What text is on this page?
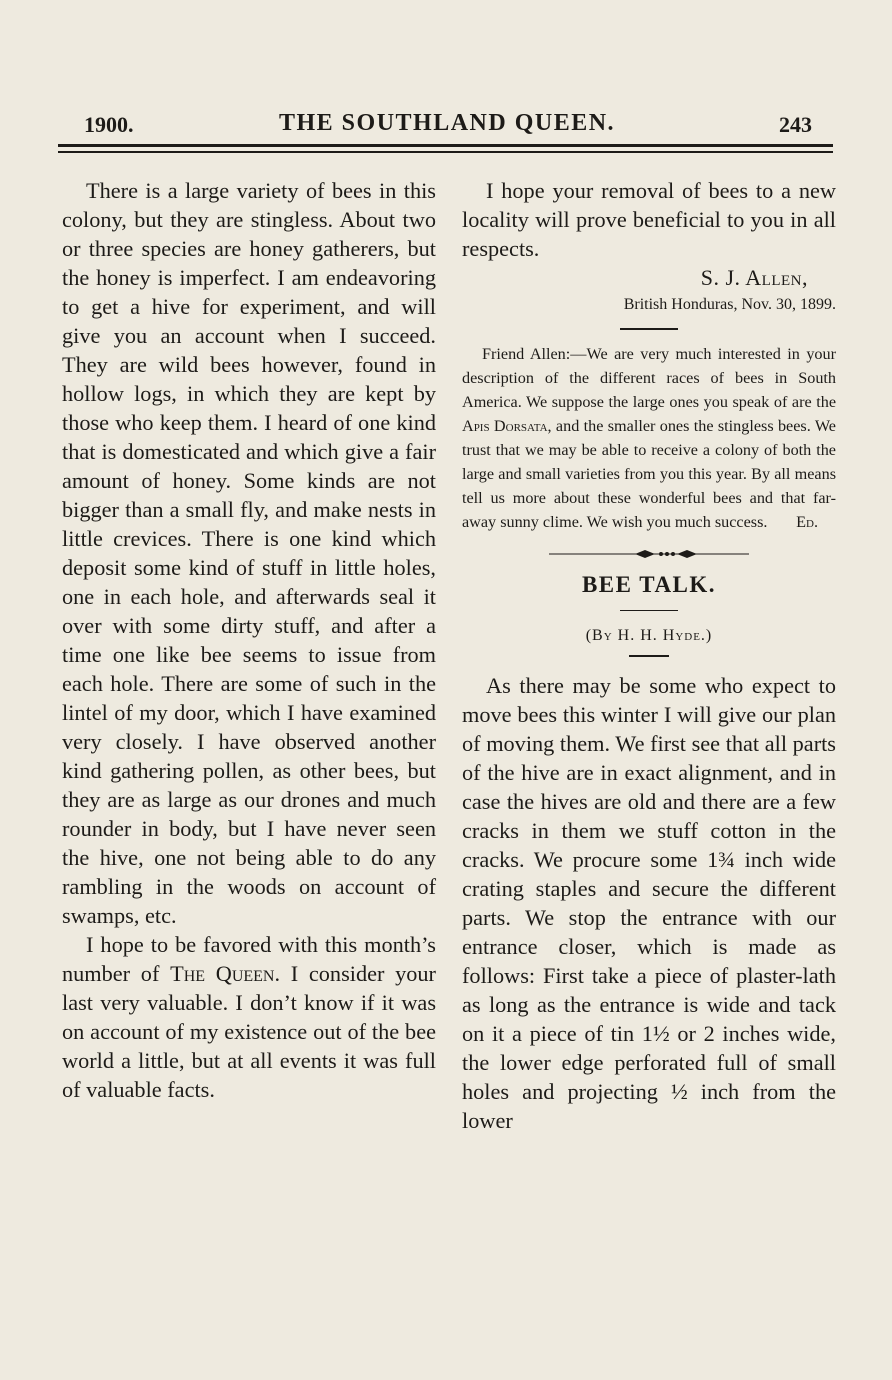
1900.	THE SOUTHLAND QUEEN.	243

There is a large variety of bees in this colony, but they are stingless. About two or three species are honey gatherers, but the honey is imperfect. I am endeavoring to get a hive for experiment, and will give you an account when I succeed. They are wild bees however, found in hollow logs, in which they are kept by those who keep them. I heard of one kind that is domesticated and which give a fair amount of honey. Some kinds are not bigger than a small fly, and make nests in little crevices. There is one kind which deposit some kind of stuff in little holes, one in each hole, and afterwards seal it over with some dirty stuff, and after a time one like bee seems to issue from each hole. There are some of such in the lintel of my door, which I have examined very closely. I have observed another kind gathering pollen, as other bees, but they are as large as our drones and much rounder in body, but I have never seen the hive, one not being able to do any rambling in the woods on account of swamps, etc.

I hope to be favored with this month’s number of The Queen. I consider your last very valuable. I don’t know if it was on account of my existence out of the bee world a little, but at all events it was full of valuable facts.

I hope your removal of bees to a new locality will prove beneficial to you in all respects.

S. J. Allen,

British Honduras, Nov. 30, 1899.

Friend Allen:—We are very much interested in your description of the different races of bees in South America. We suppose the large ones you speak of are the Apis Dorsata, and the smaller ones the stingless bees. We trust that we may be able to receive a colony of both the large and small varieties from you this year. By all means tell us more about these wonderful bees and that far-away sunny clime. We wish you much success.	Ed.

BEE TALK.

(By H. H. Hyde.)

As there may be some who expect to move bees this winter I will give our plan of moving them. We first see that all parts of the hive are in exact alignment, and in case the hives are old and there are a few cracks in them we stuff cotton in the cracks. We procure some 1¾ inch wide crating staples and secure the different parts. We stop the entrance with our entrance closer, which is made as follows: First take a piece of plaster-lath as long as the entrance is wide and tack on it a piece of tin 1½ or 2 inches wide, the lower edge perforated full of small holes and projecting ½ inch from the lower
